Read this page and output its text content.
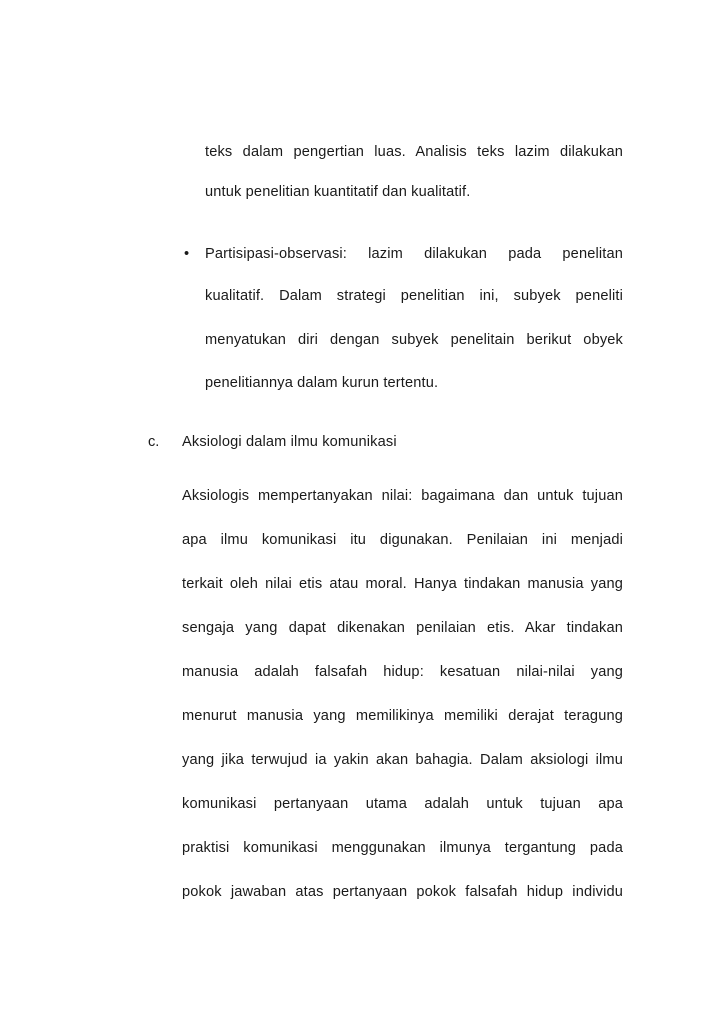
teks dalam pengertian luas. Analisis teks lazim dilakukan
untuk penelitian kuantitatif dan kualitatif.
• Partisipasi-observasi: lazim dilakukan pada penelitan
kualitatif. Dalam strategi penelitian ini, subyek peneliti
menyatukan diri dengan subyek penelitain berikut obyek
penelitiannya dalam kurun tertentu.
c. Aksiologi dalam ilmu komunikasi
Aksiologis mempertanyakan nilai: bagaimana dan untuk tujuan
apa ilmu komunikasi itu digunakan. Penilaian ini menjadi
terkait oleh nilai etis atau moral. Hanya tindakan manusia yang
sengaja yang dapat dikenakan penilaian etis. Akar tindakan
manusia adalah falsafah hidup: kesatuan nilai-nilai yang
menurut manusia yang memilikinya memiliki derajat teragung
yang jika terwujud ia yakin akan bahagia. Dalam aksiologi ilmu
komunikasi pertanyaan utama adalah untuk tujuan apa
praktisi komunikasi menggunakan ilmunya tergantung pada
pokok jawaban atas pertanyaan pokok falsafah hidup individu
